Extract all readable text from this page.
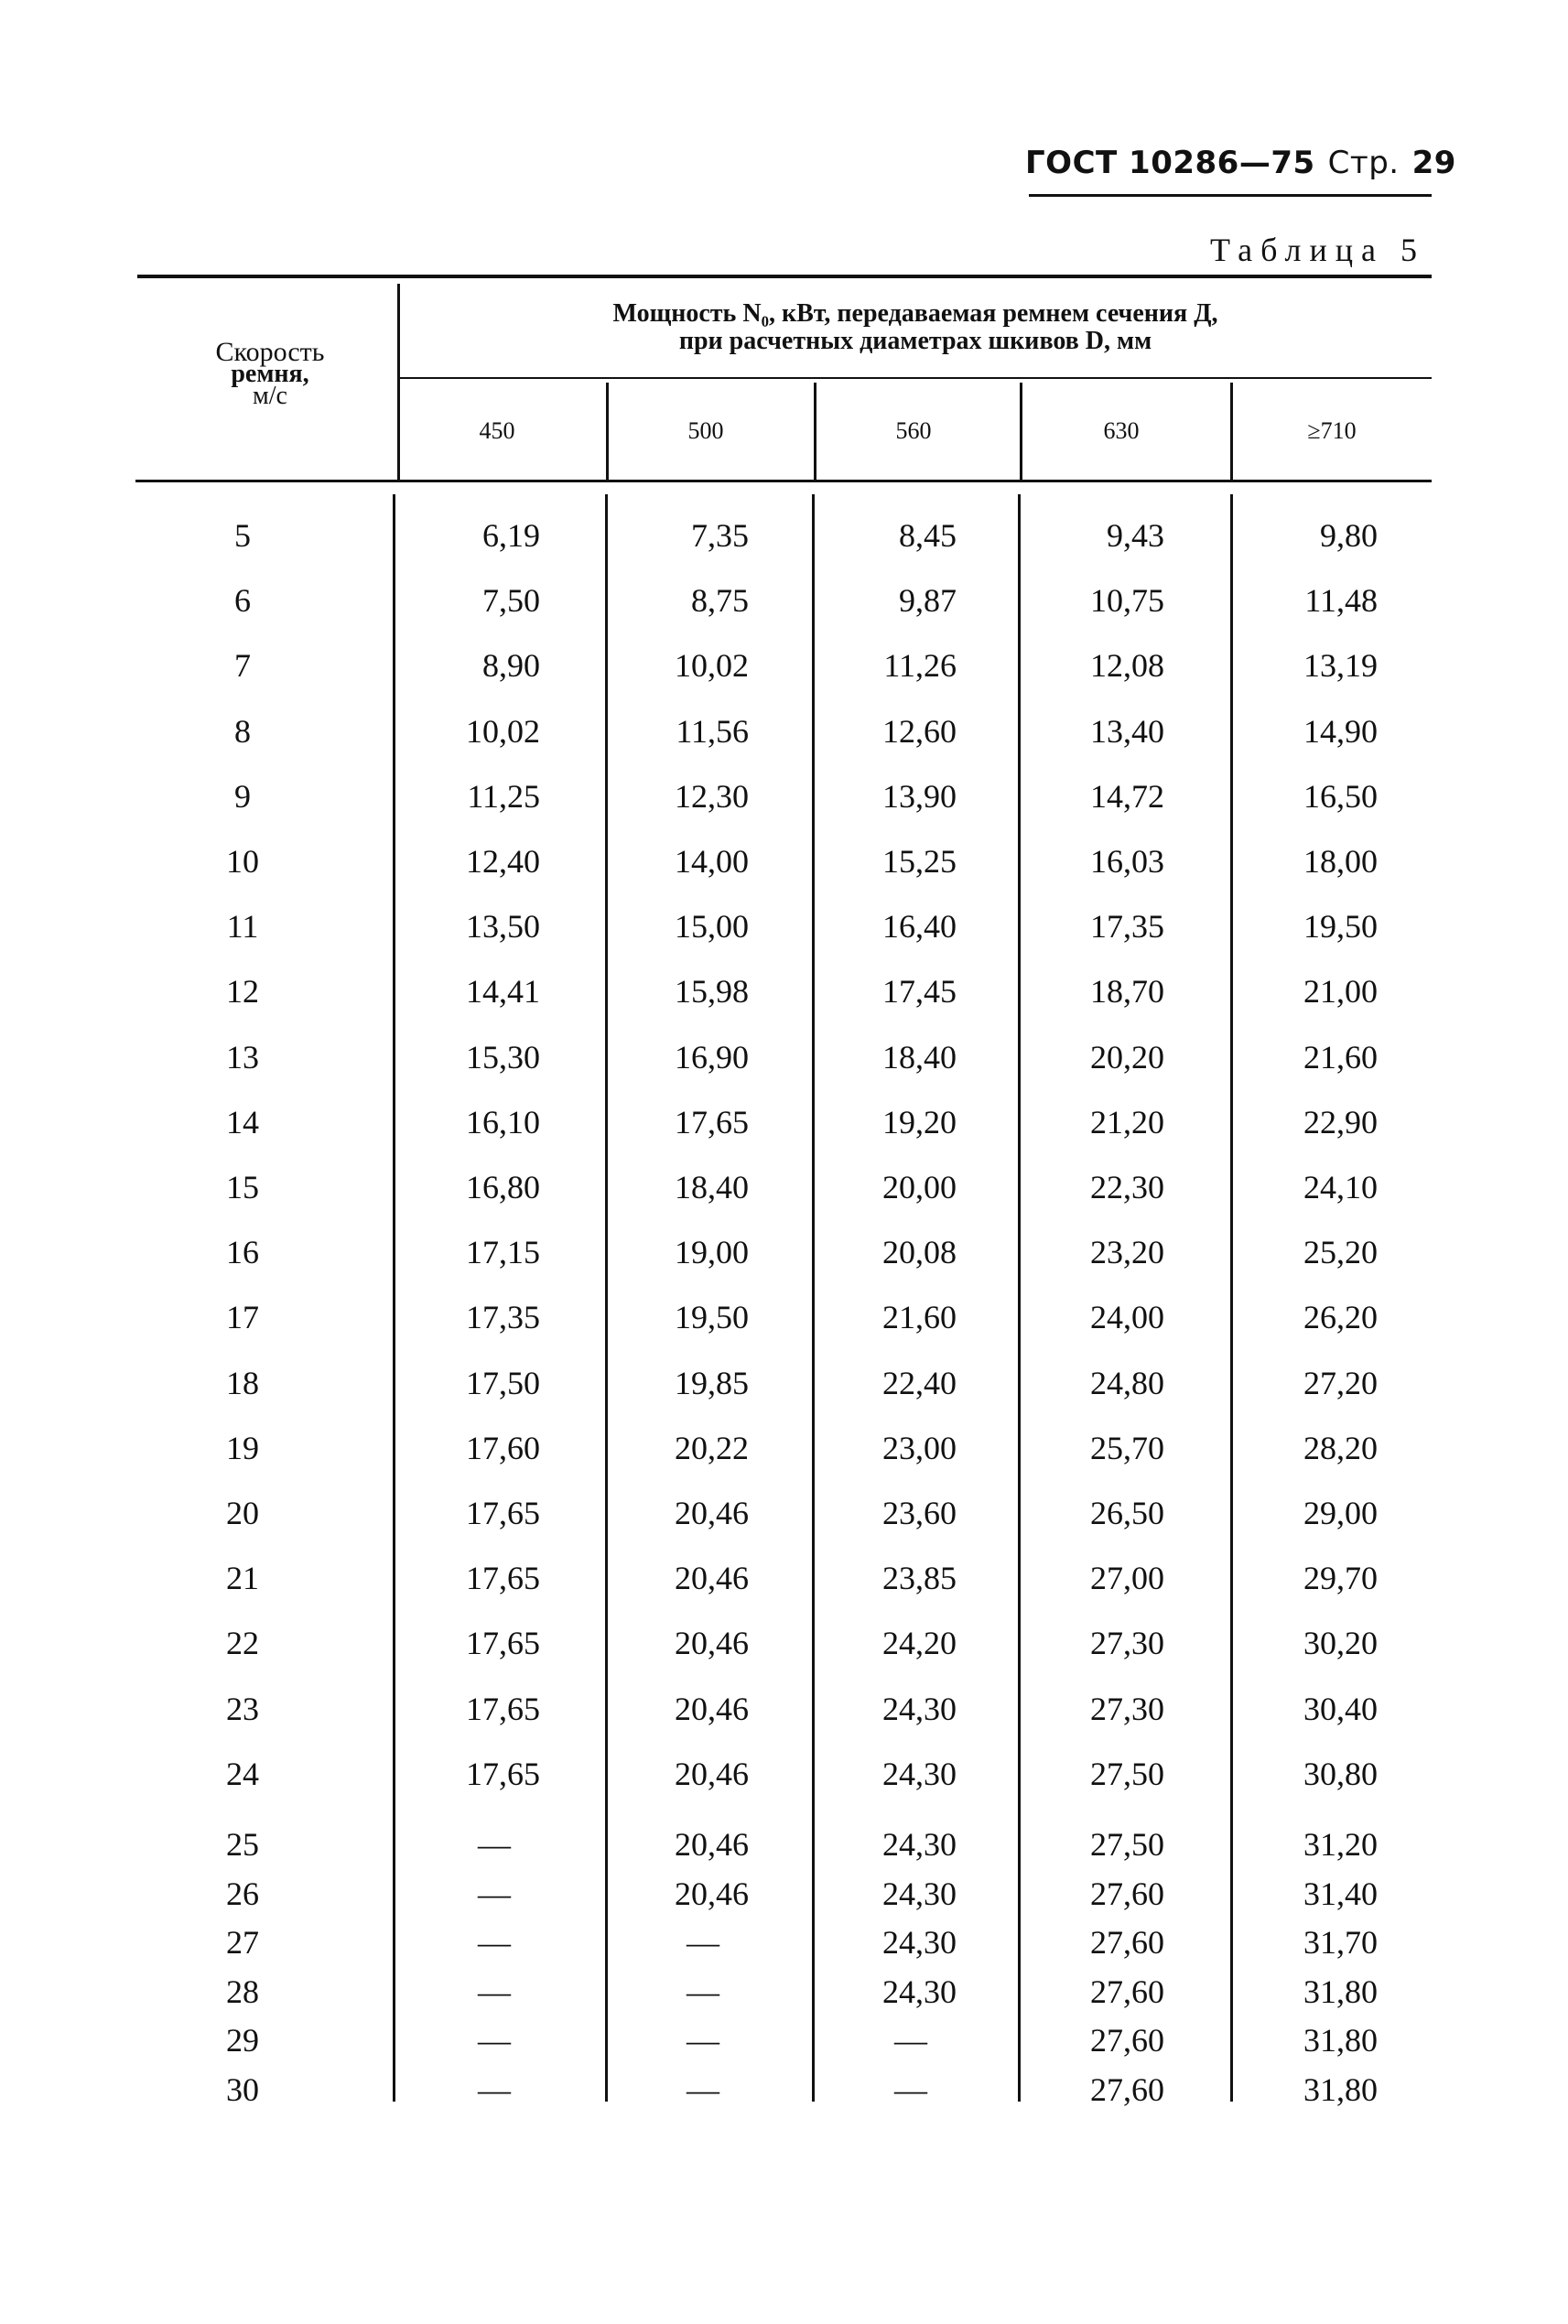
ГОСТ 10286—75 Стр. 29
Таблица 5
Скорость
ремня,
м/с
Мощность N₀, кВт, передаваемая ремнем сечения Д,
при расчетных диаметрах шкивов D, мм
450	500	560	630	≥710
5	6,19	7,35	8,45	9,43	9,80
6	7,50	8,75	9,87	10,75	11,48
7	8,90	10,02	11,26	12,08	13,19
8	10,02	11,56	12,60	13,40	14,90
9	11,25	12,30	13,90	14,72	16,50
10	12,40	14,00	15,25	16,03	18,00
11	13,50	15,00	16,40	17,35	19,50
12	14,41	15,98	17,45	18,70	21,00
13	15,30	16,90	18,40	20,20	21,60
14	16,10	17,65	19,20	21,20	22,90
15	16,80	18,40	20,00	22,30	24,10
16	17,15	19,00	20,08	23,20	25,20
17	17,35	19,50	21,60	24,00	26,20
18	17,50	19,85	22,40	24,80	27,20
19	17,60	20,22	23,00	25,70	28,20
20	17,65	20,46	23,60	26,50	29,00
21	17,65	20,46	23,85	27,00	29,70
22	17,65	20,46	24,20	27,30	30,20
23	17,65	20,46	24,30	27,30	30,40
24	17,65	20,46	24,30	27,50	30,80
25	—	20,46	24,30	27,50	31,20
26	—	20,46	24,30	27,60	31,40
27	—	—	24,30	27,60	31,70
28	—	—	24,30	27,60	31,80
29	—	—	—	27,60	31,80
30	—	—	—	27,60	31,80
